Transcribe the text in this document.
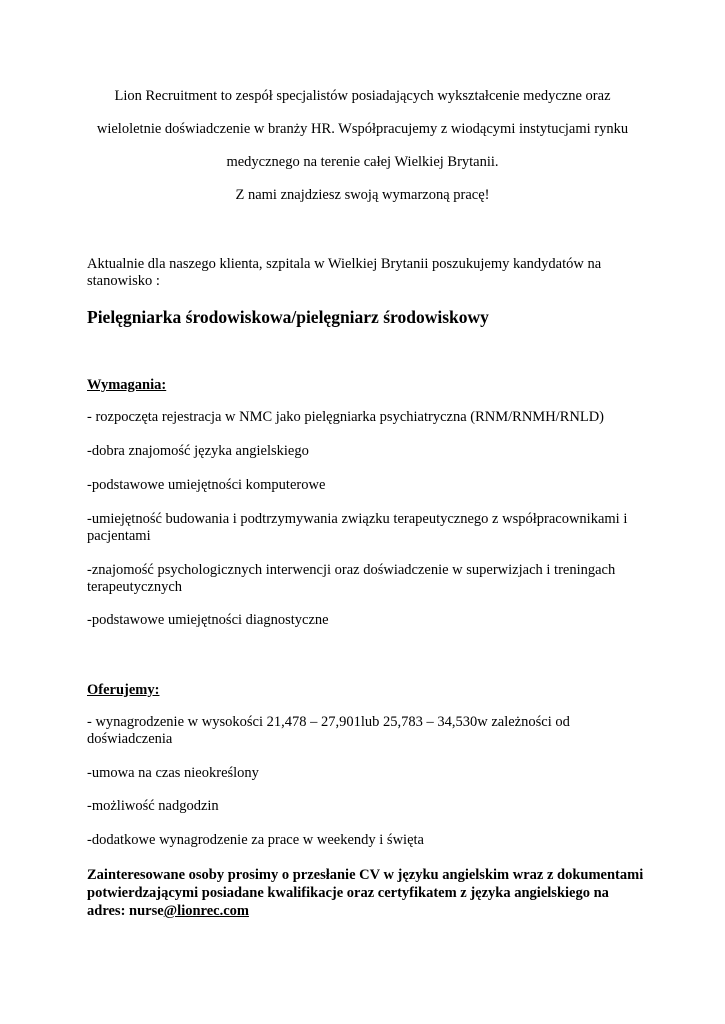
Lion Recruitment to zespół specjalistów posiadających wykształcenie medyczne oraz
wieloletnie doświadczenie w branży HR. Współpracujemy z wiodącymi instytucjami rynku
medycznego na terenie całej Wielkiej Brytanii.
Z nami znajdziesz swoją wymarzoną pracę!
Aktualnie dla naszego klienta, szpitala w Wielkiej Brytanii poszukujemy kandydatów na stanowisko :
Pielęgniarka środowiskowa/pielęgniarz środowiskowy
Wymagania:
- rozpoczęta rejestracja w NMC jako pielęgniarka psychiatryczna (RNM/RNMH/RNLD)
-dobra znajomość języka angielskiego
-podstawowe umiejętności komputerowe
-umiejętność budowania i podtrzymywania związku terapeutycznego z współpracownikami i pacjentami
-znajomość psychologicznych interwencji oraz doświadczenie w superwizjach i treningach terapeutycznych
-podstawowe umiejętności diagnostyczne
Oferujemy:
- wynagrodzenie w wysokości 21,478 – 27,901lub 25,783 – 34,530w zależności od doświadczenia
-umowa na czas nieokreślony
-możliwość nadgodzin
-dodatkowe wynagrodzenie za prace w weekendy i święta
Zainteresowane osoby prosimy o przesłanie CV w języku angielskim wraz z dokumentami potwierdzającymi posiadane kwalifikacje oraz certyfikatem z języka angielskiego na adres: nurse@lionrec.com
